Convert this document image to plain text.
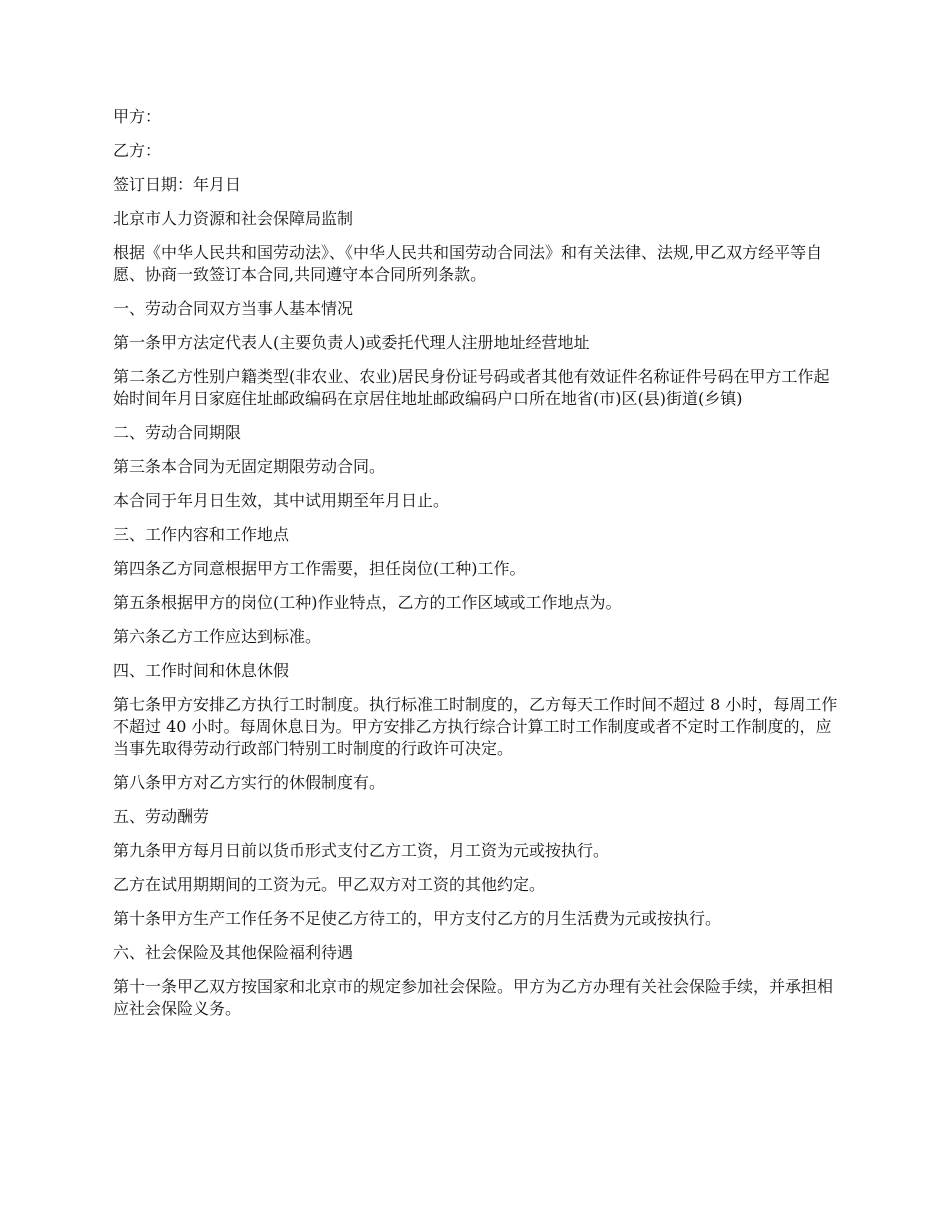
甲方：

乙方：

签订日期：年月日

北京市人力资源和社会保障局监制

根据《中华人民共和国劳动法》、《中华人民共和国劳动合同法》和有关法律、法规,甲乙双方经平等自愿、协商一致签订本合同,共同遵守本合同所列条款。

一、劳动合同双方当事人基本情况

第一条甲方法定代表人(主要负责人)或委托代理人注册地址经营地址

第二条乙方性别户籍类型(非农业、农业)居民身份证号码或者其他有效证件名称证件号码在甲方工作起始时间年月日家庭住址邮政编码在京居住地址邮政编码户口所在地省(市)区(县)街道(乡镇)

二、劳动合同期限

第三条本合同为无固定期限劳动合同。

本合同于年月日生效，其中试用期至年月日止。

三、工作内容和工作地点

第四条乙方同意根据甲方工作需要，担任岗位(工种)工作。

第五条根据甲方的岗位(工种)作业特点，乙方的工作区域或工作地点为。

第六条乙方工作应达到标准。

四、工作时间和休息休假

第七条甲方安排乙方执行工时制度。执行标准工时制度的，乙方每天工作时间不超过 8 小时，每周工作不超过 40 小时。每周休息日为。甲方安排乙方执行综合计算工时工作制度或者不定时工作制度的，应当事先取得劳动行政部门特别工时制度的行政许可决定。

第八条甲方对乙方实行的休假制度有。

五、劳动酬劳

第九条甲方每月日前以货币形式支付乙方工资，月工资为元或按执行。

乙方在试用期期间的工资为元。甲乙双方对工资的其他约定。

第十条甲方生产工作任务不足使乙方待工的，甲方支付乙方的月生活费为元或按执行。

六、社会保险及其他保险福利待遇

第十一条甲乙双方按国家和北京市的规定参加社会保险。甲方为乙方办理有关社会保险手续，并承担相应社会保险义务。
